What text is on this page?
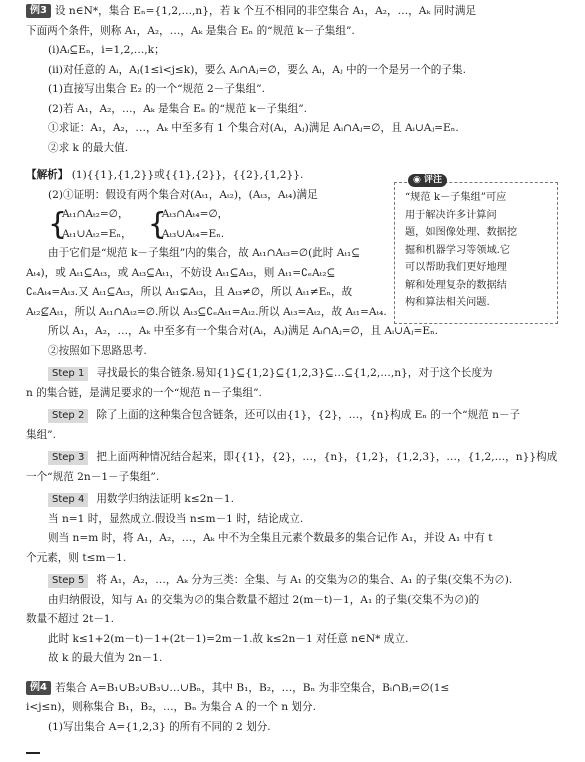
例3 设 n∈N*，集合 Eₙ={1,2,…,n}，若 k 个互不相同的非空集合 A₁，A₂，…，Aₖ 同时满足
下面两个条件，则称 A₁，A₂，…，Aₖ 是集合 Eₙ 的“规范 k－子集组”.
(i)Aᵢ⊆Eₙ，i=1,2,…,k；
(ii)对任意的 Aᵢ，Aⱼ(1≤i<j≤k)，要么 Aᵢ∩Aⱼ=∅，要么 Aᵢ，Aⱼ 中的一个是另一个的子集.
(1)直接写出集合 E₂ 的一个“规范 2－子集组”.
(2)若 A₁，A₂，…，Aₖ 是集合 Eₙ 的“规范 k－子集组”.
①求证：A₁，A₂，…，Aₖ 中至多有 1 个集合对(Aᵢ，Aⱼ)满足 Aᵢ∩Aⱼ=∅，且 Aᵢ∪Aⱼ=Eₙ.
②求 k 的最大值.
【解析】 (1){{1},{1,2}}或{{1},{2}}，{{2},{1,2}}.
(2)①证明：假设有两个集合对(Aₜ₁，Aₜ₂)，(Aₜ₃，Aₜ₄)满足
{
Aₜ₁∩Aₜ₂=∅，
Aₜ₁∪Aₜ₂=Eₙ， {
Aₜ₃∩Aₜ₄=∅，
Aₜ₃∪Aₜ₄=Eₙ.
由于它们是“规范 k－子集组”内的集合，故 Aₜ₁∩Aₜ₃=∅(此时 Aₜ₁⊆
Aₜ₄)，或 Aₜ₁⊆Aₜ₃，或 Aₜ₃⊆Aₜ₁，不妨设 Aₜ₁⊆Aₜ₃，则 Aₜ₁=∁ₑAₜ₂⊆
∁ₑAₜ₄=Aₜ₃.又 Aₜ₁⊆Aₜ₃，所以 Aₜ₁⊊Aₜ₃，且 Aₜ₃≠∅，所以 Aₜ₁≠Eₙ，故
Aₜ₂⊈Aₜ₁，所以 Aₜ₁∩Aₜ₂=∅.所以 Aₜ₃⊆∁ₑAₜ₁=Aₜ₂.所以 Aₜ₃=Aₜ₂，故 Aₜ₁=Aₜ₄.
所以 A₁，A₂，…，Aₖ 中至多有一个集合对(Aᵢ，Aⱼ)满足 Aᵢ∩Aⱼ=∅，且 Aᵢ∪Aⱼ=Eₙ.
②按照如下思路思考.
Step 1 寻找最长的集合链条.易知{1}⊆{1,2}⊆{1,2,3}⊆…⊆{1,2,…,n}，对于这个长度为
n 的集合链，是满足要求的一个“规范 n－子集组”.
Step 2 除了上面的这种集合包含链条，还可以由{1}，{2}，…，{n}构成 Eₙ 的一个“规范 n－子
集组”.
Step 3 把上面两种情况结合起来，即{{1}，{2}，…，{n}，{1,2}，{1,2,3}，…，{1,2,…，n}}构成
一个“规范 2n－1－子集组”.
Step 4 用数学归纳法证明 k≤2n－1.
当 n=1 时，显然成立.假设当 n≤m－1 时，结论成立.
则当 n=m 时，将 A₁，A₂，…，Aₖ 中不为全集且元素个数最多的集合记作 A₁，并设 A₁ 中有 t
个元素，则 t≤m－1.
Step 5 将 A₁，A₂，…，Aₖ 分为三类：全集、与 A₁ 的交集为∅的集合、A₁ 的子集(交集不为∅).
由归纳假设，知与 A₁ 的交集为∅的集合数量不超过 2(m－t)－1，A₁ 的子集(交集不为∅)的
数量不超过 2t－1.
此时 k≤1+2(m－t)－1+(2t－1)=2m－1.故 k≤2n－1 对任意 n∈N* 成立.
故 k 的最大值为 2n－1.
例4 若集合 A=B₁∪B₂∪B₃∪…∪Bₙ，其中 B₁，B₂，…，Bₙ 为非空集合，Bᵢ∩Bⱼ=∅(1≤
i<j≤n)，则称集合 B₁，B₂，…，Bₙ 为集合 A 的一个 n 划分.
(1)写出集合 A={1,2,3} 的所有不同的 2 划分.
“规范 k－子集组”可应
用于解决许多计算问
题，如图像处理、数据挖
掘和机器学习等领域.它
可以帮助我们更好地理
解和处理复杂的数据结
构和算法相关问题.
◉ 评注
